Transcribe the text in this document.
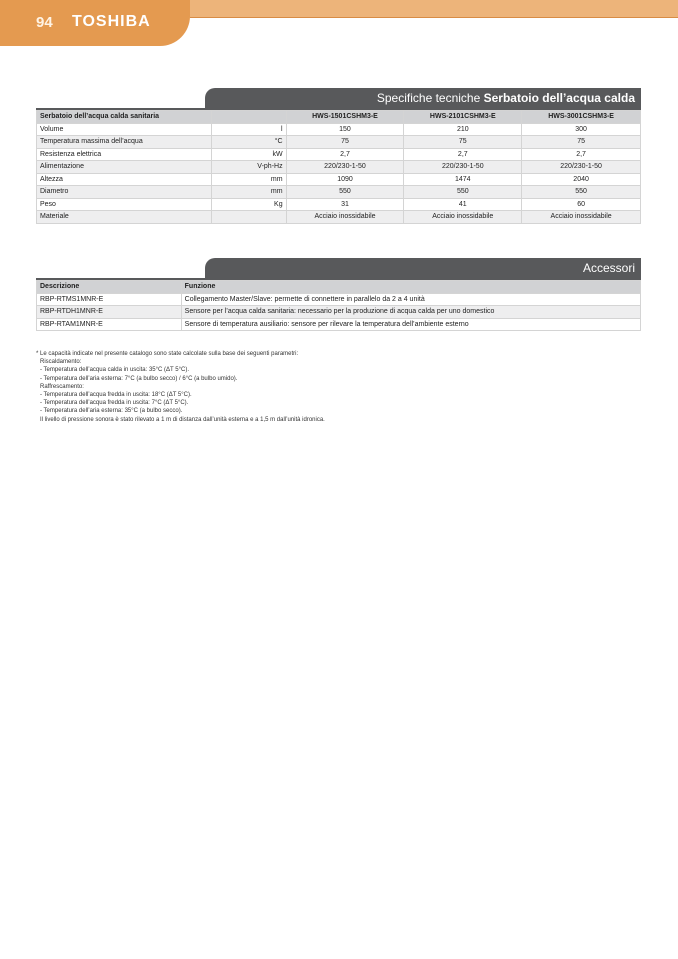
94 TOSHIBA
Specifiche tecniche Serbatoio dell’acqua calda
Serbatoio dell’acqua calda sanitaria		HWS-1501CSHM3-E	HWS-2101CSHM3-E	HWS-3001CSHM3-E
Volume	l	150	210	300
Temperatura massima dell’acqua	°C	75	75	75
Resistenza elettrica	kW	2,7	2,7	2,7
Alimentazione	V-ph-Hz	220/230-1-50	220/230-1-50	220/230-1-50
Altezza	mm	1090	1474	2040
Diametro	mm	550	550	550
Peso	Kg	31	41	60
Materiale		Acciaio inossidabile	Acciaio inossidabile	Acciaio inossidabile
Accessori
Descrizione	Funzione
RBP-RTMS1MNR-E	Collegamento Master/Slave: permette di connettere in parallelo da 2 a 4 unità
RBP-RTDH1MNR-E	Sensore per l’acqua calda sanitaria: necessario per la produzione di acqua calda per uno domestico
RBP-RTAM1MNR-E	Sensore di temperatura ausiliario: sensore per rilevare la temperatura dell’ambiente esterno
* Le capacità indicate nel presente catalogo sono state calcolate sulla base dei seguenti parametri:
Riscaldamento:
- Temperatura dell’acqua calda in uscita: 35°C (ΔT 5°C).
- Temperatura dell’aria esterna: 7°C (a bulbo secco) / 6°C (a bulbo umido).
Raffrescamento:
- Temperatura dell’acqua fredda in uscita: 18°C (ΔT 5°C).
- Temperatura dell’acqua fredda in uscita: 7°C (ΔT 5°C).
- Temperatura dell’aria esterna: 35°C (a bulbo secco).
Il livello di pressione sonora è stato rilevato a 1 m di distanza dall’unità esterna e a 1,5 m dall’unità idronica.
